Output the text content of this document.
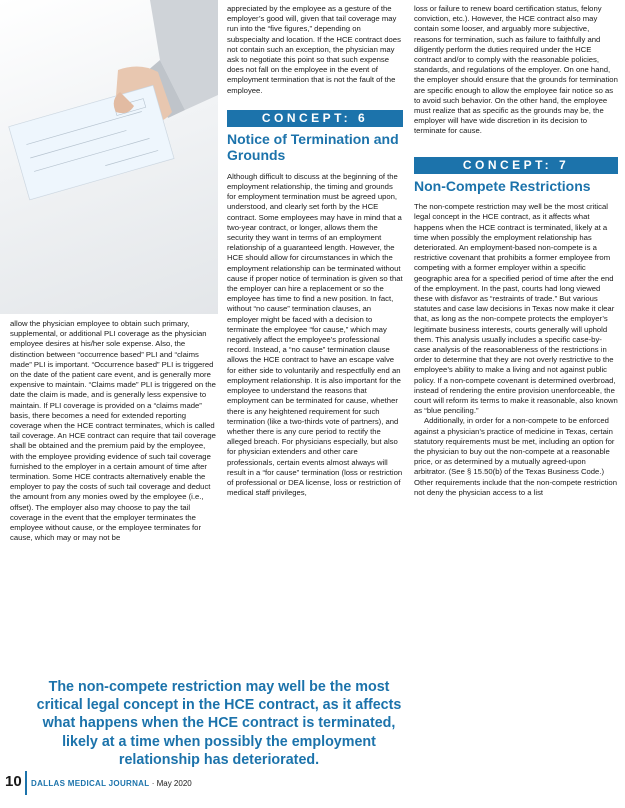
allow the physician employee to obtain such primary, supplemental, or additional PLI coverage as the physician employee desires at his/her sole expense. Also, the distinction between “occurrence based” PLI and “claims made” PLI is important. “Occurrence based” PLI is triggered on the date of the patient care event, and is generally more expensive to maintain. “Claims made” PLI is triggered on the date the claim is made, and is generally less expensive to maintain. If PLI coverage is provided on a “claims made” basis, there becomes a need for extended reporting coverage when the HCE contract terminates, which is called tail coverage. An HCE contract can require that tail coverage shall be obtained and the premium paid by the employee, with the employee providing evidence of such tail coverage furnished to the employer in a certain amount of time after termination. Some HCE contracts alternatively enable the employer to pay the costs of such tail coverage and deduct the amount from any monies owed by the employee (i.e., offset). The employer also may choose to pay the tail coverage in the event that the employer terminates the employee without cause, or the employee terminates for cause, which may or may not be

appreciated by the employee as a gesture of the employer’s good will, given that tail coverage may run into the “five figures,” depending on subspecialty and location. If the HCE contract does not contain such an exception, the physician may ask to negotiate this point so that such expense does not fall on the employee in the event of employment termination that is not the fault of the employee.

CONCEPT: 6
Notice of Termination and Grounds

Although difficult to discuss at the beginning of the employment relationship, the timing and grounds for employment termination must be agreed upon, understood, and clearly set forth by the HCE contract. Some employees may have in mind that a two-year contract, or longer, allows them the security they want in terms of an employment relationship of a guaranteed length. However, the HCE should allow for circumstances in which the employment relationship can be terminated without cause if proper notice of termination is given so that the employer can hire a replacement or so the employee has time to find a new position. In fact, without “no cause” termination clauses, an employer might be faced with a decision to terminate the employee “for cause,” which may negatively affect the employee’s professional record. Instead, a “no cause” termination clause allows the HCE contract to have an escape valve for either side to voluntarily and respectfully end an employment relationship. It is also important for the employee to understand the reasons that employment can be terminated for cause, whether there is any heightened requirement for such termination (like a two-thirds vote of partners), and whether there is any cure period to rectify the alleged breach. For physicians especially, but also for physician extenders and other care professionals, certain events almost always will result in a “for cause” termination (loss or restriction of professional or DEA license, loss or restriction of medical staff privileges,

loss or failure to renew board certification status, felony conviction, etc.). However, the HCE contract also may contain some looser, and arguably more subjective, reasons for termination, such as failure to faithfully and diligently perform the duties required under the HCE contract and/or to comply with the reasonable policies, standards, and regulations of the employer. On one hand, the employer should ensure that the grounds for termination are specific enough to allow the employee fair notice so as to avoid such behavior. On the other hand, the employee must realize that as specific as the grounds may be, the employer will have wide discretion in its decision to terminate for cause.

CONCEPT: 7
Non-Compete Restrictions

The non-compete restriction may well be the most critical legal concept in the HCE contract, as it affects what happens when the HCE contract is terminated, likely at a time when possibly the employment relationship has deteriorated. An employment-based non-compete is a restrictive covenant that prohibits a former employee from competing with a former employer within a specific geographic area for a specified period of time after the end of the employment. In the past, courts had long viewed these with disfavor as “restraints of trade.” But various statutes and case law decisions in Texas now make it clear that, as long as the non-compete protects the employer’s legitimate business interests, courts generally will uphold them. This analysis usually includes a specific case-by-case analysis of the reasonableness of the restrictions in order to determine that they are not overly restrictive to the employee’s ability to make a living and not against public policy. If a non-compete covenant is determined overbroad, instead of rendering the entire provision unenforceable, the court will reform its terms to make it reasonable, also known as “blue penciling.”

Additionally, in order for a non-compete to be enforced against a physician’s practice of medicine in Texas, certain statutory requirements must be met, including an option for the physician to buy out the non-compete at a reasonable price, or as determined by a mutually agreed-upon arbitrator. (See § 15.50(b) of the Texas Business Code.) Other requirements include that the non-compete restriction not deny the physician access to a list

The non-compete restriction may well be the most critical legal concept in the HCE contract, as it affects what happens when the HCE contract is terminated, likely at a time when possibly the employment relationship has deteriorated.
10 DALLAS MEDICAL JOURNAL · May 2020
